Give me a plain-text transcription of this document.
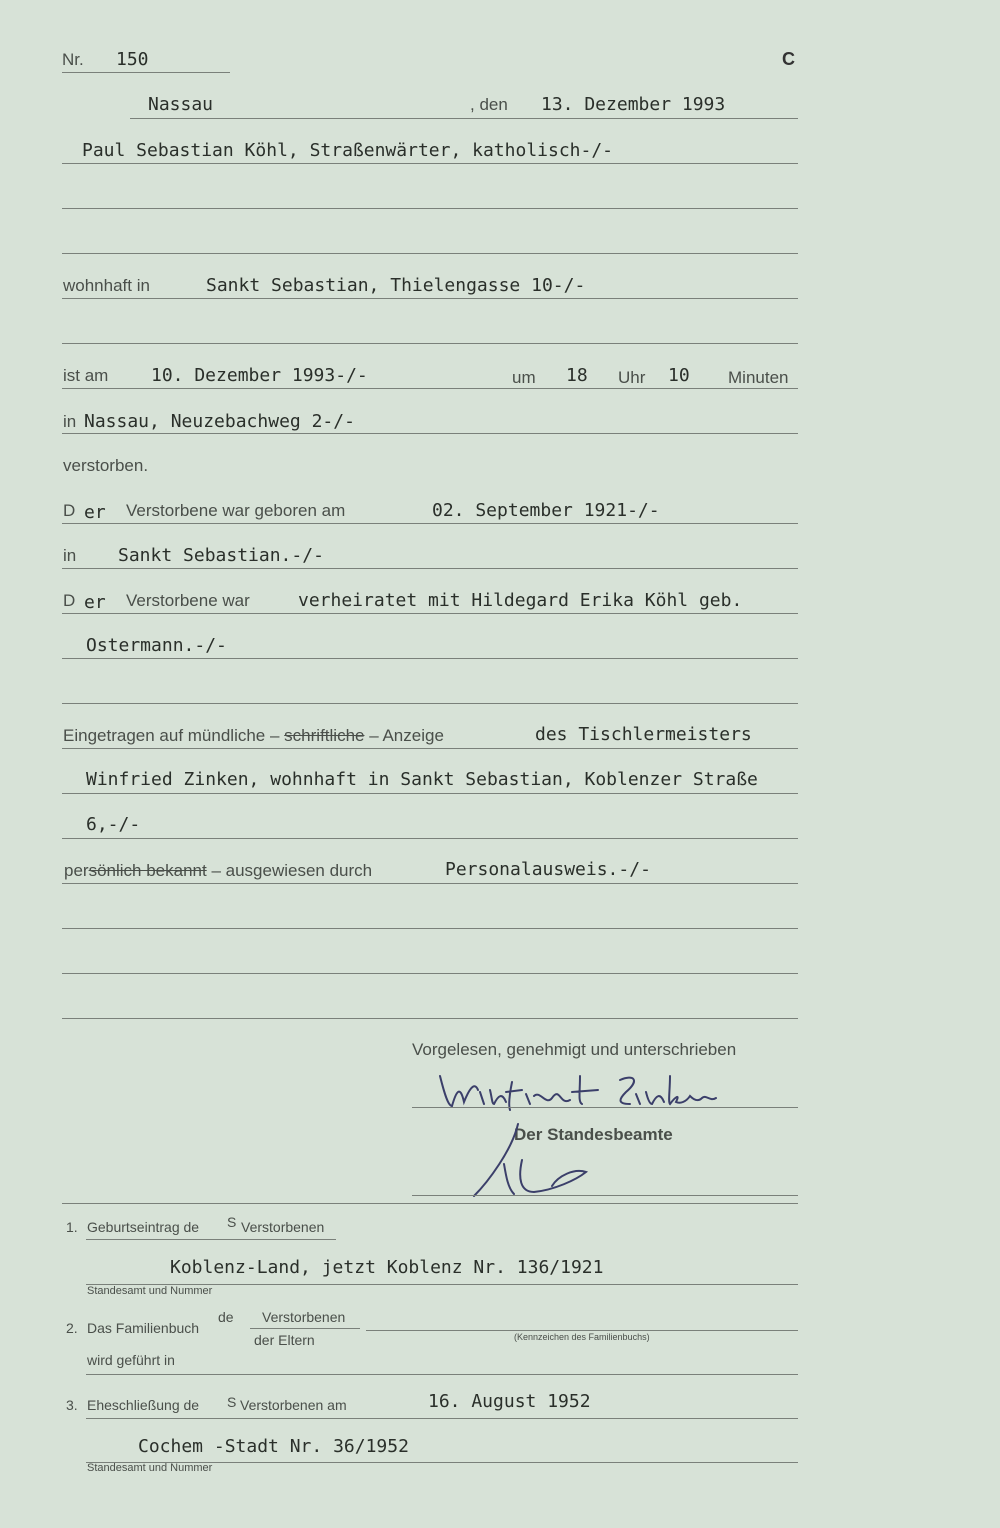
Nr. 150	C
Nassau	, den 13. Dezember 1993
Paul Sebastian Köhl, Straßenwärter, katholisch-/-
wohnhaft in	Sankt Sebastian, Thielengasse 10-/-
ist am 10. Dezember 1993-/-	um 18 Uhr 10 Minuten
in Nassau, Neuzebachweg 2-/-
verstorben.
D er Verstorbene war geboren am	02. September 1921-/-
in Sankt Sebastian.-/-
D er Verstorbene war	verheiratet mit Hildegard Erika Köhl geb.
Ostermann.-/-
Eingetragen auf mündliche – schriftliche – Anzeige	des Tischlermeisters
Winfried Zinken, wohnhaft in Sankt Sebastian, Koblenzer Straße
6,-/-
persönlich bekannt – ausgewiesen durch	Personalausweis.-/-
Vorgelesen, genehmigt und unterschrieben
Der Standesbeamte
1. Geburtseintrag de S Verstorbenen
Koblenz-Land, jetzt Koblenz Nr. 136/1921
Standesamt und Nummer
2. Das Familienbuch
de Verstorbenen
der Eltern	(Kennzeichen des Familienbuchs)
wird geführt in
3. Eheschließung de S Verstorbenen am	16. August 1952
Cochem -Stadt Nr. 36/1952
Standesamt und Nummer
